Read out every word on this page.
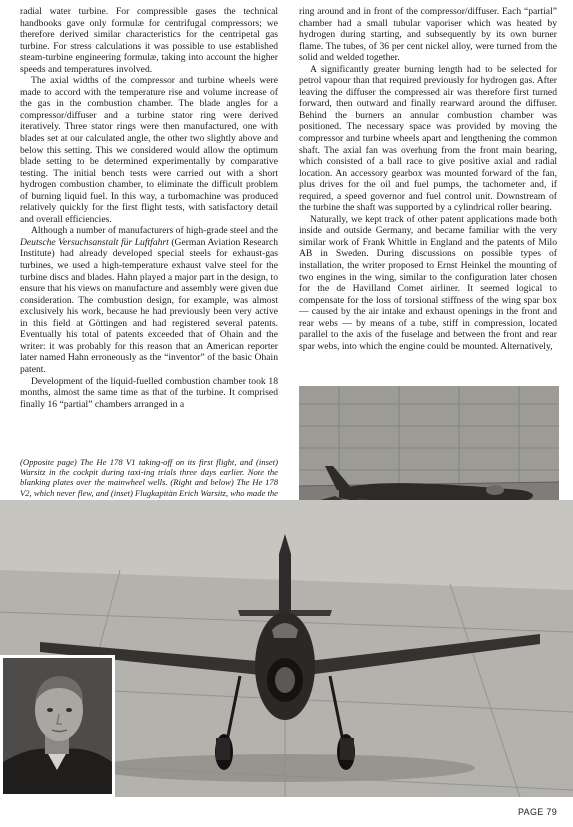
radial water turbine. For compressible gases the technical handbooks gave only formulæ for centrifugal compressors; we therefore derived similar characteristics for the centripetal gas turbine. For stress calculations it was possible to use established steam-turbine engineering formulæ, taking into account the higher speeds and temperatures involved.

The axial widths of the compressor and turbine wheels were made to accord with the temperature rise and volume increase of the gas in the combustion chamber. The blade angles for a compressor/diffuser and a turbine stator ring were derived iteratively. Three stator rings were then manufactured, one with blades set at our calculated angle, the other two slightly above and below this setting. This we considered would allow the optimum blade setting to be determined experimentally by comparative testing. The initial bench tests were carried out with a short hydrogen combustion chamber, to eliminate the difficult problem of burning liquid fuel. In this way, a turbomachine was produced relatively quickly for the first flight tests, with satisfactory detail and overall efficiencies.

Although a number of manufacturers of high-grade steel and the Deutsche Versuchsanstalt für Luftfahrt (German Aviation Research Institute) had already developed special steels for exhaust-gas turbines, we used a high-temperature exhaust valve steel for the turbine discs and blades. Hahn played a major part in the design, to ensure that his views on manufacture and assembly were given due consideration. The combustion design, for example, was almost exclusively his work, because he had previously been very active in this field at Göttingen and had registered several patents. Eventually his total of patents exceeded that of Ohain and the writer: it was probably for this reason that an American reporter later named Hahn erroneously as the “inventor” of the basic Ohain patent.

Development of the liquid-fuelled combustion chamber took 18 months, almost the same time as that of the turbine. It comprised finally 16 “partial” chambers arranged in a

(Opposite page) The He 178 V1 taking-off on its first flight, and (inset) Warsitz in the cockpit during taxi-ing trials three days earlier. Note the blanking plates over the mainwheel wells. (Right and below) The He 178 V2, which never flew, and (inset) Flugkapitän Erich Warsitz, who made the

ring around and in front of the compressor/diffuser. Each “partial” chamber had a small tubular vaporiser which was heated by hydrogen during starting, and subsequently by its own burner flame. The tubes, of 36 per cent nickel alloy, were turned from the solid and welded together.

A significantly greater burning length had to be selected for petrol vapour than that required previously for hydrogen gas. After leaving the diffuser the compressed air was therefore first turned forward, then outward and finally rearward around the diffuser. Behind the burners an annular combustion chamber was positioned. The necessary space was provided by moving the compressor and turbine wheels apart and lengthening the common shaft. The axial fan was overhung from the front main bearing, which consisted of a ball race to give positive axial and radial location. An accessory gearbox was mounted forward of the fan, plus drives for the oil and fuel pumps, the tachometer and, if required, a speed governor and fuel control unit. Downstream of the turbine the shaft was supported by a cylindrical roller bearing.

Naturally, we kept track of other patent applications made both inside and outside Germany, and became familiar with the very similar work of Frank Whittle in England and the patents of Milo AB in Sweden. During discussions on possible types of installation, the writer proposed to Ernst Heinkel the mounting of two engines in the wing, similar to the configuration later chosen for the de Havilland Comet airliner. It seemed logical to compensate for the loss of torsional stiffness of the wing spar box — caused by the air intake and exhaust openings in the front and rear webs — by means of a tube, stiff in compression, located parallel to the axis of the fuselage and between the front and rear spar webs, into which the engine could be mounted. Alternatively,

PAGE 79
